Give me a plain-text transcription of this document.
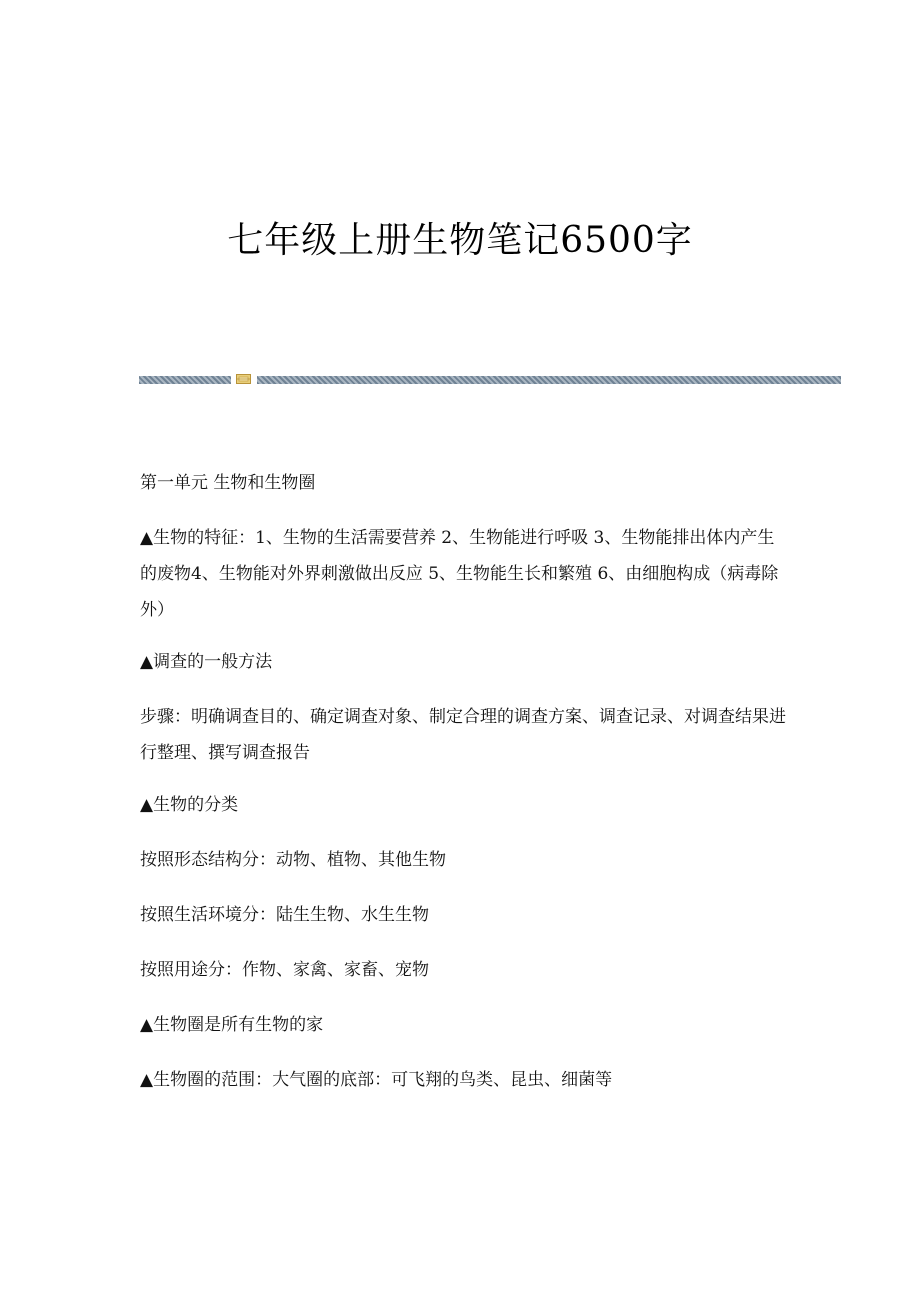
七年级上册生物笔记6500字

第一单元 生物和生物圈

▲生物的特征：1、生物的生活需要营养 2、生物能进行呼吸 3、生物能排出体内产生的废物4、生物能对外界刺激做出反应 5、生物能生长和繁殖 6、由细胞构成（病毒除外）

▲调查的一般方法

步骤：明确调查目的、确定调查对象、制定合理的调查方案、调查记录、对调查结果进行整理、撰写调查报告

▲生物的分类

按照形态结构分：动物、植物、其他生物

按照生活环境分：陆生生物、水生生物

按照用途分：作物、家禽、家畜、宠物

▲生物圈是所有生物的家

▲生物圈的范围：大气圈的底部：可飞翔的鸟类、昆虫、细菌等
